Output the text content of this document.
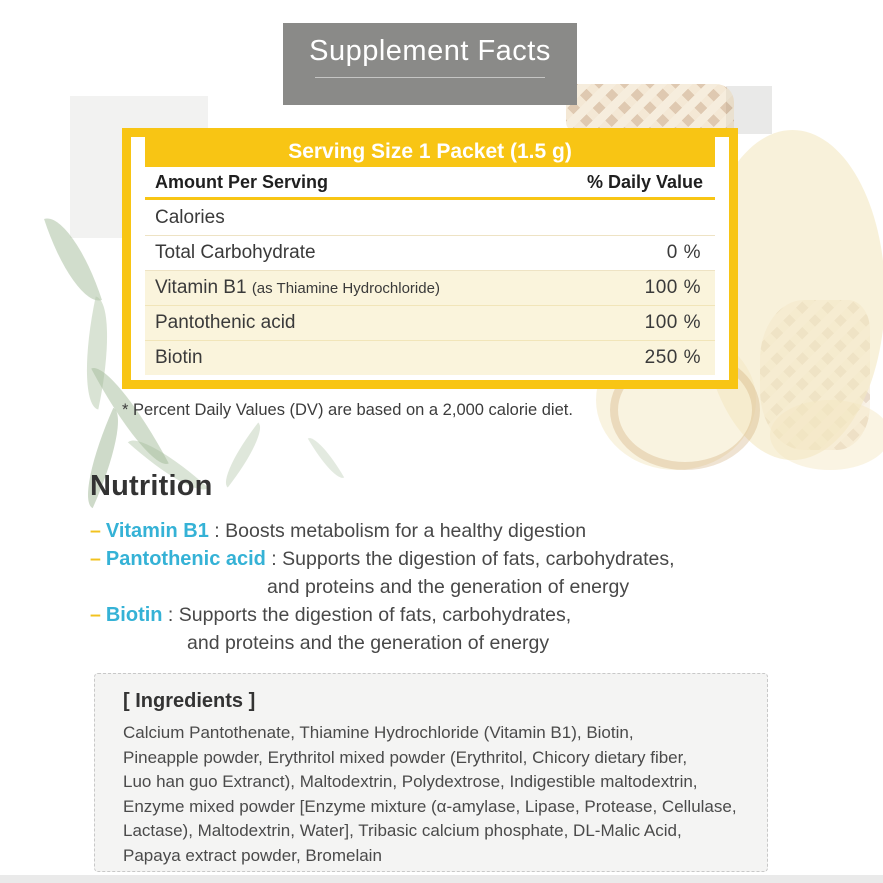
Supplement Facts
Serving Size 1 Packet (1.5 g)
Amount Per Serving	% Daily Value
Calories
Total Carbohydrate	0 %
Vitamin B1 (as Thiamine Hydrochloride)	100 %
Pantothenic acid	100 %
Biotin	250 %
* Percent Daily Values (DV) are based on a 2,000 calorie diet.
Nutrition
– Vitamin B1 : Boosts metabolism for a healthy digestion
– Pantothenic acid : Supports the digestion of fats, carbohydrates,
and proteins and the generation of energy
– Biotin : Supports the digestion of fats, carbohydrates,
and proteins and the generation of energy
[ Ingredients ]
Calcium Pantothenate, Thiamine Hydrochloride (Vitamin B1), Biotin,
Pineapple powder, Erythritol mixed powder (Erythritol, Chicory dietary fiber,
Luo han guo Extranct), Maltodextrin, Polydextrose, Indigestible maltodextrin,
Enzyme mixed powder [Enzyme mixture (α-amylase, Lipase, Protease, Cellulase,
Lactase), Maltodextrin, Water], Tribasic calcium phosphate, DL-Malic Acid,
Papaya extract powder, Bromelain
